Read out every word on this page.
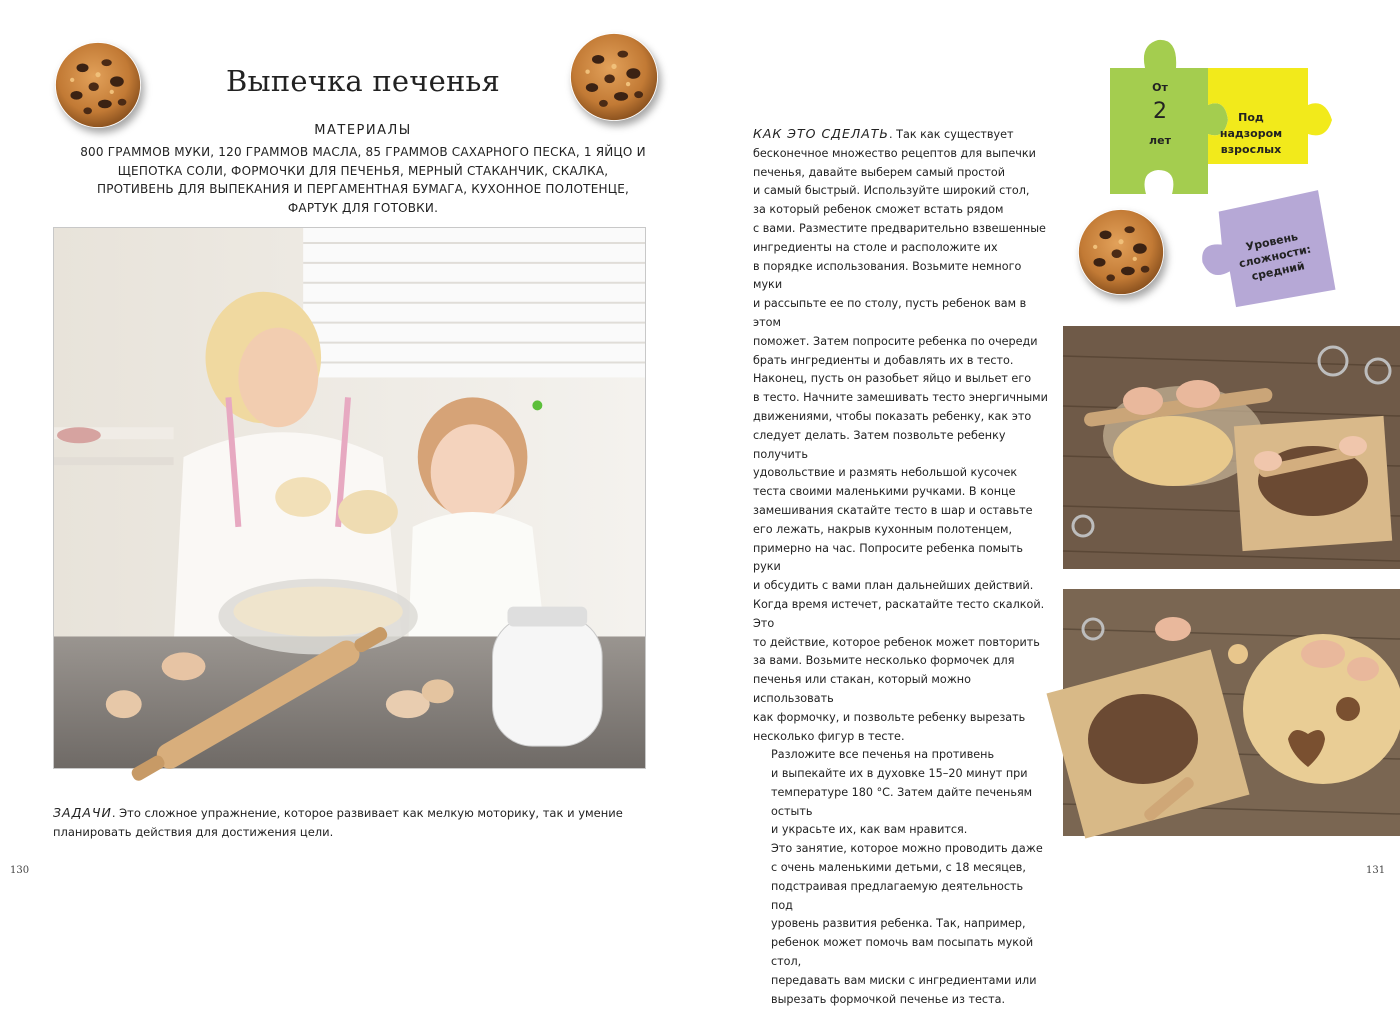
Выпечка печенья
МАТЕРИАЛЫ
800 ГРАММОВ МУКИ, 120 ГРАММОВ МАСЛА, 85 ГРАММОВ САХАРНОГО ПЕСКА, 1 ЯЙЦО И ЩЕПОТКА СОЛИ, ФОРМОЧКИ ДЛЯ ПЕЧЕНЬЯ, МЕРНЫЙ СТАКАНЧИК, СКАЛКА, ПРОТИВЕНЬ ДЛЯ ВЫПЕКАНИЯ И ПЕРГАМЕНТНАЯ БУМАГА, КУХОННОЕ ПОЛОТЕНЦЕ, ФАРТУК ДЛЯ ГОТОВКИ.
ЗАДАЧИ. Это сложное упражнение, которое развивает как мелкую моторику, так и умение планировать действия для достижения цели.
130

КАК ЭТО СДЕЛАТЬ. Так как существует
бесконечное множество рецептов для выпечки
печенья, давайте выберем самый простой
и самый быстрый. Используйте широкий стол,
за который ребенок сможет встать рядом
с вами. Разместите предварительно взвешенные
ингредиенты на столе и расположите их
в порядке использования. Возьмите немного муки
и рассыпьте ее по столу, пусть ребенок вам в этом
поможет. Затем попросите ребенка по очереди
брать ингредиенты и добавлять их в тесто.
Наконец, пусть он разобьет яйцо и выльет его
в тесто. Начните замешивать тесто энергичными
движениями, чтобы показать ребенку, как это
следует делать. Затем позвольте ребенку получить
удовольствие и размять небольшой кусочек
теста своими маленькими ручками. В конце
замешивания скатайте тесто в шар и оставьте
его лежать, накрыв кухонным полотенцем,
примерно на час. Попросите ребенка помыть руки
и обсудить с вами план дальнейших действий.
Когда время истечет, раскатайте тесто скалкой. Это
то действие, которое ребенок может повторить
за вами. Возьмите несколько формочек для
печенья или стакан, который можно использовать
как формочку, и позвольте ребенку вырезать
несколько фигур в тесте.

Разложите все печенья на противень
и выпекайте их в духовке 15–20 минут при
температуре 180 °C. Затем дайте печеньям остыть
и украсьте их, как вам нравится.

Это занятие, которое можно проводить даже
с очень маленькими детьми, с 18 месяцев,
подстраивая предлагаемую деятельность под
уровень развития ребенка. Так, например,
ребенок может помочь вам посыпать мукой стол,
передавать вам миски с ингредиентами или
вырезать формочкой печенье из теста.

От
2
лет
Под надзором взрослых
Уровень сложности: средний
131
